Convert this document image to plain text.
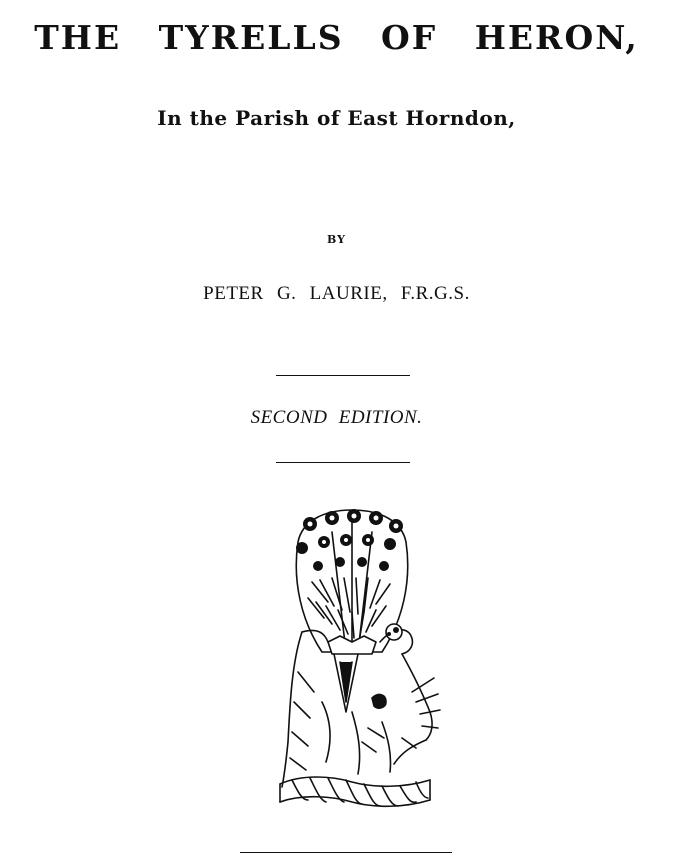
THE TYRELLS OF HERON,

In the Parish of East Horndon,

BY

PETER G. LAURIE, F.R.G.S.

SECOND EDITION.
